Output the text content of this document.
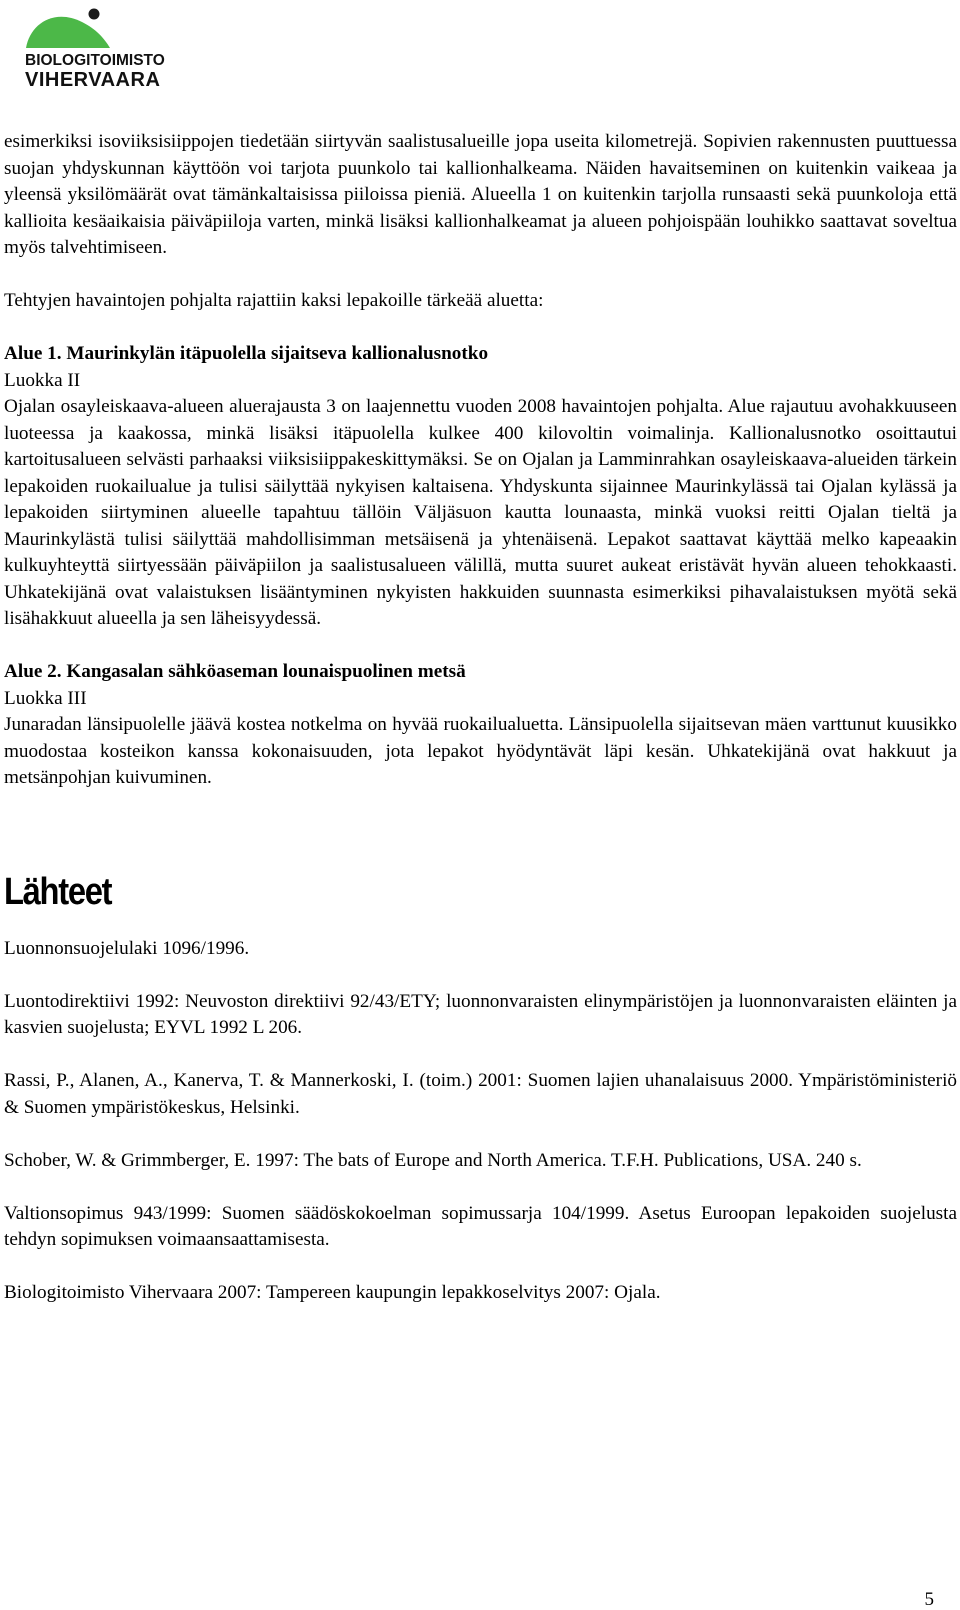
BIOLOGITOIMISTO
VIHERVAARA

esimerkiksi isoviiksisiippojen tiedetään siirtyvän saalistusalueille jopa useita kilometrejä. Sopivien rakennusten puuttuessa suojan yhdyskunnan käyttöön voi tarjota puunkolo tai kallionhalkeama. Näiden havaitseminen on kuitenkin vaikeaa ja yleensä yksilömäärät ovat tämänkaltaisissa piiloissa pieniä. Alueella 1 on kuitenkin tarjolla runsaasti sekä puunkoloja että kallioita kesäaikaisia päiväpiiloja varten, minkä lisäksi kallionhalkeamat ja alueen pohjoispään louhikko saattavat soveltua myös talvehtimiseen.

Tehtyjen havaintojen pohjalta rajattiin kaksi lepakoille tärkeää aluetta:

Alue 1. Maurinkylän itäpuolella sijaitseva kallionalusnotko

Luokka II

Ojalan osayleiskaava-alueen aluerajausta 3 on laajennettu vuoden 2008 havaintojen pohjalta. Alue rajautuu avohakkuuseen luoteessa ja kaakossa, minkä lisäksi itäpuolella kulkee 400 kilovoltin voimalinja. Kallionalusnotko osoittautui kartoitusalueen selvästi parhaaksi viiksisiippakeskittymäksi. Se on Ojalan ja Lamminrahkan osayleiskaava-alueiden tärkein lepakoiden ruokailualue ja tulisi säilyttää nykyisen kaltaisena. Yhdyskunta sijainnee Maurinkylässä tai Ojalan kylässä ja lepakoiden siirtyminen alueelle tapahtuu tällöin Väljäsuon kautta lounaasta, minkä vuoksi reitti Ojalan tieltä ja Maurinkylästä tulisi säilyttää mahdollisimman metsäisenä ja yhtenäisenä. Lepakot saattavat käyttää melko kapeaakin kulkuyhteyttä siirtyessään päiväpiilon ja saalistusalueen välillä, mutta suuret aukeat eristävät hyvän alueen tehokkaasti. Uhkatekijänä ovat valaistuksen lisääntyminen nykyisten hakkuiden suunnasta esimerkiksi pihavalaistuksen myötä sekä lisähakkuut alueella ja sen läheisyydessä.

Alue 2. Kangasalan sähköaseman lounaispuolinen metsä

Luokka III

Junaradan länsipuolelle jäävä kostea notkelma on hyvää ruokailualuetta. Länsipuolella sijaitsevan mäen varttunut kuusikko muodostaa kosteikon kanssa kokonaisuuden, jota lepakot hyödyntävät läpi kesän. Uhkatekijänä ovat hakkuut ja metsänpohjan kuivuminen.

Lähteet

Luonnonsuojelulaki 1096/1996.

Luontodirektiivi 1992: Neuvoston direktiivi 92/43/ETY; luonnonvaraisten elinympäristöjen ja luonnonvaraisten eläinten ja kasvien suojelusta; EYVL 1992 L 206.

Rassi, P., Alanen, A., Kanerva, T. & Mannerkoski, I. (toim.) 2001: Suomen lajien uhanalaisuus 2000. Ympäristöministeriö & Suomen ympäristökeskus, Helsinki.

Schober, W. & Grimmberger, E. 1997: The bats of Europe and North America. T.F.H. Publications, USA. 240 s.

Valtionsopimus 943/1999: Suomen säädöskokoelman sopimussarja 104/1999. Asetus Euroopan lepakoiden suojelusta tehdyn sopimuksen voimaansaattamisesta.

Biologitoimisto Vihervaara 2007: Tampereen kaupungin lepakkoselvitys 2007: Ojala.

5
